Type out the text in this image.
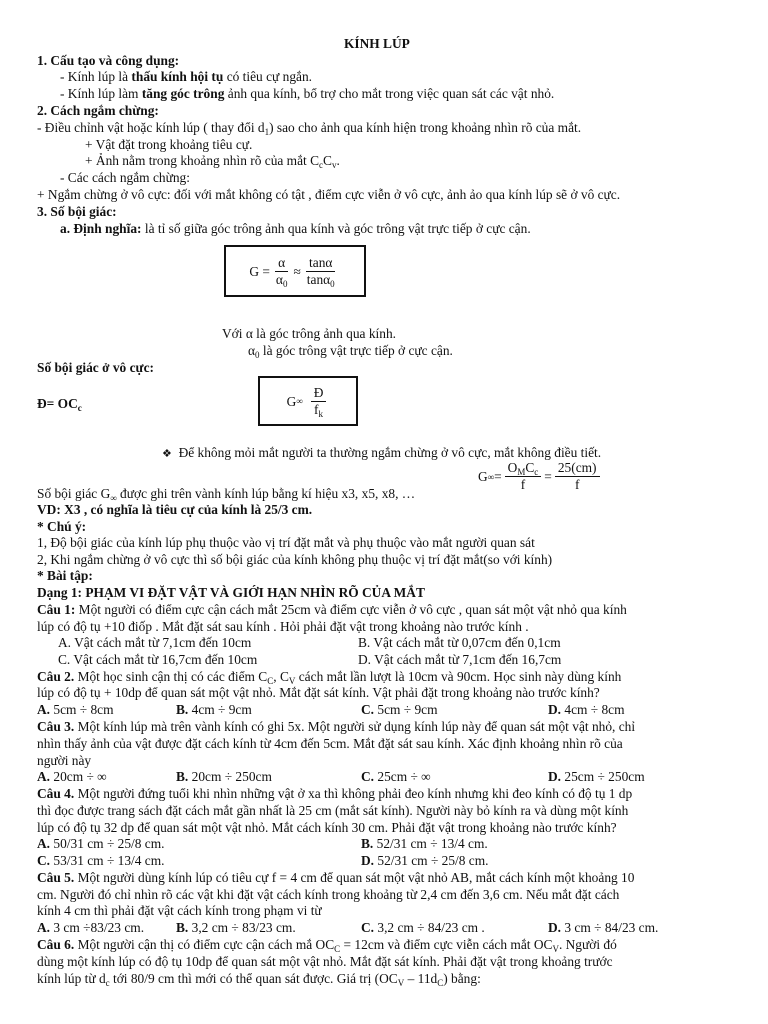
KÍNH LÚP
1. Cấu tạo và công dụng:
- Kính lúp là thấu kính hội tụ có tiêu cự ngắn.
- Kính lúp làm tăng góc trông ảnh qua kính, bổ trợ cho mắt trong việc quan sát các vật nhỏ.
2. Cách ngắm chừng:
- Điều chỉnh vật hoặc kính lúp ( thay đổi $d_1$) sao cho ảnh qua kính hiện trong khoảng nhìn rõ của mắt.
+ Vật đặt trong khoảng tiêu cự.
+ Ảnh nằm trong khoảng nhìn rõ của mắt $C_cC_v$.
- Các cách ngắm chừng:
+ Ngắm chừng ở vô cực: đối với mắt không có tật , điểm cực viễn ở vô cực, ảnh ảo qua kính lúp sẽ ở vô cực.
3. Số bội giác:
a. Định nghĩa: là tỉ số giữa góc trông ảnh qua kính và góc trông vật trực tiếp ở cực cận.
$G = \frac{\alpha}{\alpha_0} \approx \frac{\tan\alpha}{\tan\alpha_0}$
Với α là góc trông ảnh qua kính.
$\alpha_0$ là góc trông vật trực tiếp ở cực cận.
Số bội giác ở vô cực:
Đ= $OC_c$	G ∞ $\frac{Đ}{f_k}$
❖ Để không mỏi mắt người ta thường ngắm chừng ở vô cực, mắt không điều tiết.
G ∞ = $\frac{O_MC_c}{f} = \frac{25(cm)}{f}$
Số bội giác $G_\infty$ được ghi trên vành kính lúp bằng kí hiệu x3, x5, x8, …
VD: X3 , có nghĩa là tiêu cự của kính là 25/3 cm.
* Chú ý:
1, Độ bội giác của kính lúp phụ thuộc vào vị trí đặt mắt và phụ thuộc vào mắt người quan sát
2, Khi ngắm chừng ở vô cực thì số bội giác của kính không phụ thuộc vị trí đặt mắt(so với kính)
* Bài tập:
Dạng 1: PHẠM VI ĐẶT VẬT VÀ GIỚI HẠN NHÌN RÕ CỦA MẮT
Câu 1: Một người có điểm cực cận cách mắt 25cm và điểm cực viễn ở vô cực , quan sát một vật nhỏ qua kính
lúp có độ tụ +10 điốp . Mắt đặt sát sau kính . Hỏi phải đặt vật trong khoảng nào trước kính .
A. Vật cách mắt từ 7,1cm đến 10cm	B. Vật cách mắt từ 0,07cm đến 0,1cm
C. Vật cách mắt từ 16,7cm đến 10cm	D. Vật cách mắt từ 7,1cm đến 16,7cm
Câu 2. Một học sinh cận thị có các điểm $C_C$, $C_V$ cách mắt lần lượt là 10cm và 90cm. Học sinh này dùng kính
lúp có độ tụ + 10dp để quan sát một vật nhỏ. Mắt đặt sát kính. Vật phải đặt trong khoảng nào trước kính?
A. 5cm ÷ 8cm	B. 4cm ÷ 9cm	C. 5cm ÷ 9cm	D. 4cm ÷ 8cm
Câu 3. Một kính lúp mà trên vành kính có ghi 5x. Một người sử dụng kính lúp này để quan sát một vật nhỏ, chỉ
nhìn thấy ảnh của vật được đặt cách kính từ 4cm đến 5cm. Mắt đặt sát sau kính. Xác định khoảng nhìn rõ của
người này
A. 20cm ÷ ∞	B. 20cm ÷ 250cm	C. 25cm ÷ ∞	D. 25cm ÷ 250cm
Câu 4. Một người đứng tuổi khi nhìn những vật ở xa thì không phải đeo kính nhưng khi đeo kính có độ tụ 1 dp
thì đọc được trang sách đặt cách mắt gần nhất là 25 cm (mắt sát kính). Người này bỏ kính ra và dùng một kính
lúp có độ tụ 32 dp để quan sát một vật nhỏ. Mắt cách kính 30 cm. Phải đặt vật trong khoảng nào trước kính?
A. 50/31 cm ÷ 25/8 cm.	B. 52/31 cm ÷ 13/4 cm.
C. 53/31 cm ÷ 13/4 cm.	D. 52/31 cm ÷ 25/8 cm.
Câu 5. Một người dùng kính lúp có tiêu cự f = 4 cm để quan sát một vật nhỏ AB, mắt cách kính một khoảng 10
cm. Người đó chỉ nhìn rõ các vật khi đặt vật cách kính trong khoảng từ 2,4 cm đến 3,6 cm. Nếu mắt đặt cách
kính 4 cm thì phải đặt vật cách kính trong phạm vi từ
A. 3 cm ÷83/23 cm. B. 3,2 cm ÷ 83/23 cm.	C. 3,2 cm ÷ 84/23 cm .	D. 3 cm ÷ 84/23 cm.
Câu 6. Một người cận thị có điểm cực cận cách mắ $OC_C = 12cm$ và điểm cực viễn cách mắt $OC_V$. Người đó
dùng một kính lúp có độ tụ 10dp để quan sát một vật nhỏ. Mắt đặt sát kính. Phải đặt vật trong khoảng trước
kính lúp từ $d_c$ tới 80/9 cm thì mới có thể quan sát được. Giá trị $(OC_V - 11d_C)$ bằng:
